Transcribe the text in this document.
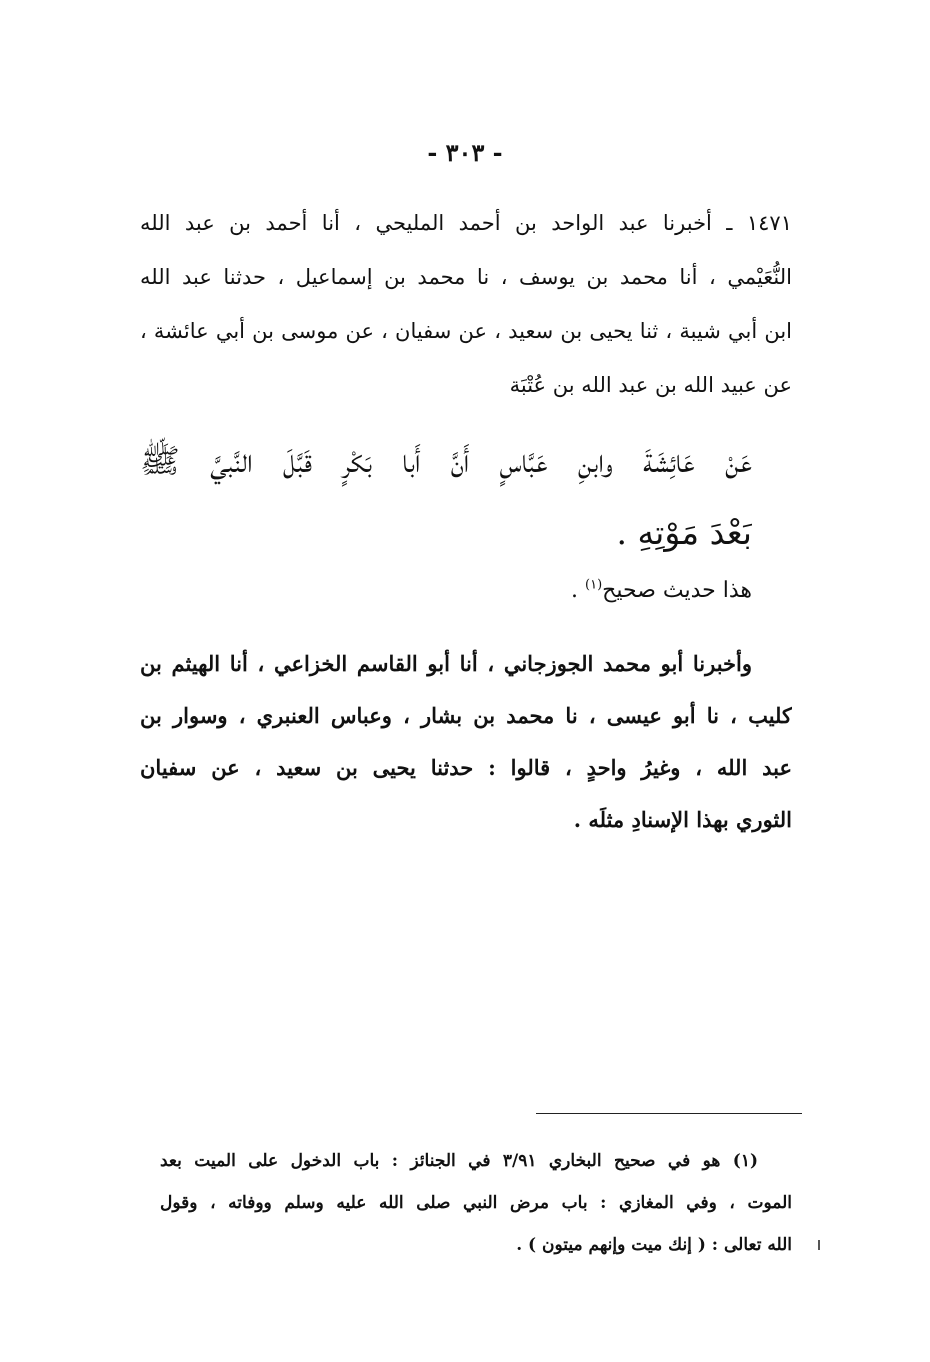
- ٣٠٣ -
١٤٧١ ـ أخبرنا عبد الواحد بن أحمد المليحي ، أنا أحمد بن عبد الله
النُّعَيْمي ، أنا محمد بن يوسف ، نا محمد بن إسماعيل ، حدثنا عبد الله
ابن أبي شيبة ، ثنا يحيى بن سعيد ، عن سفيان ، عن موسى بن أبي عائشة ،
عن عبيد الله بن عبد الله بن عُتْبَة
عَنْ عَائِشَةَ وابنِ عَبَّاسٍ أَنَّ أَبا بَكْرٍ قَبَّلَ النَّبيَّ ﷺ
بَعْدَ مَوْتِهِ .
هذا حديث صحيح$^{(١)}$ .
وأخبرنا أبو محمد الجوزجاني ، أنا أبو القاسم الخزاعي ، أنا الهيثم بن
كليب ، نا أبو عيسى ، نا محمد بن بشار ، وعباس العنبري ، وسوار بن
عبد الله ، وغيرُ واحدٍ ، قالوا : حدثنا يحيى بن سعيد ، عن سفيان
الثوري بهذا الإسنادِ مثلَه .
(١) هو في صحيح البخاري ٣/٩١ في الجنائز : باب الدخول على الميت بعد
الموت ، وفي المغازي : باب مرض النبي صلى الله عليه وسلم ووفاته ، وقول
الله تعالى : ( إنك ميت وإنهم ميتون ) .
